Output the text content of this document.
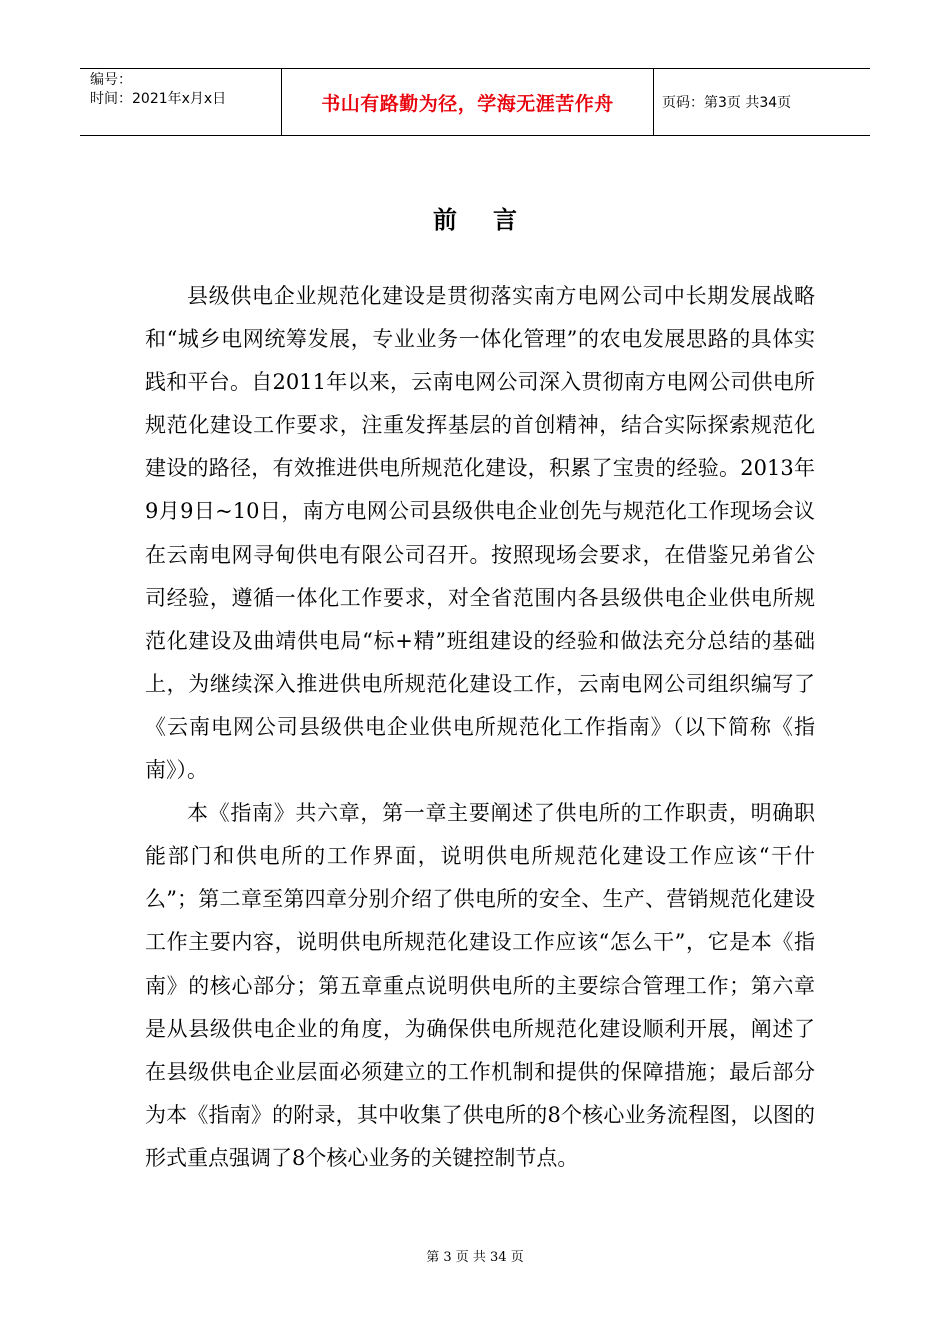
编号：
时间：2021年x月x日	书山有路勤为径，学海无涯苦作舟	页码：第3页 共34页
前言

县级供电企业规范化建设是贯彻落实南方电网公司中长期发展战略和“城乡电网统筹发展，专业业务一体化管理”的农电发展思路的具体实践和平台。自2011年以来，云南电网公司深入贯彻南方电网公司供电所规范化建设工作要求，注重发挥基层的首创精神，结合实际探索规范化建设的路径，有效推进供电所规范化建设，积累了宝贵的经验。2013年9月9日~10日，南方电网公司县级供电企业创先与规范化工作现场会议在云南电网寻甸供电有限公司召开。按照现场会要求，在借鉴兄弟省公司经验，遵循一体化工作要求，对全省范围内各县级供电企业供电所规范化建设及曲靖供电局“标+精”班组建设的经验和做法充分总结的基础上，为继续深入推进供电所规范化建设工作，云南电网公司组织编写了《云南电网公司县级供电企业供电所规范化工作指南》（以下简称《指南》）。

本《指南》共六章，第一章主要阐述了供电所的工作职责，明确职能部门和供电所的工作界面，说明供电所规范化建设工作应该“干什么”；第二章至第四章分别介绍了供电所的安全、生产、营销规范化建设工作主要内容，说明供电所规范化建设工作应该“怎么干”，它是本《指南》的核心部分；第五章重点说明供电所的主要综合管理工作；第六章是从县级供电企业的角度，为确保供电所规范化建设顺利开展，阐述了在县级供电企业层面必须建立的工作机制和提供的保障措施；最后部分为本《指南》的附录，其中收集了供电所的8个核心业务流程图，以图的形式重点强调了8个核心业务的关键控制节点。

第 3 页 共 34 页
